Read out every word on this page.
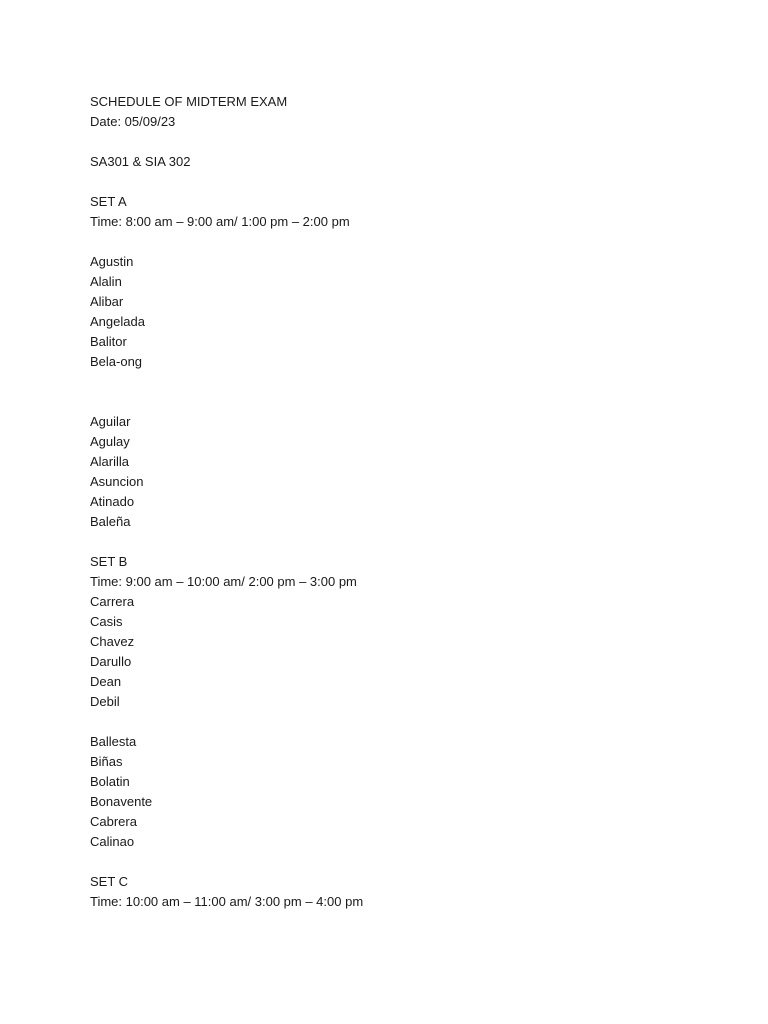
SCHEDULE OF MIDTERM EXAM
Date: 05/09/23
SA301 & SIA 302
SET A
Time: 8:00 am – 9:00 am/ 1:00 pm – 2:00 pm
Agustin
Alalin
Alibar
Angelada
Balitor
Bela-ong
Aguilar
Agulay
Alarilla
Asuncion
Atinado
Baleña
SET B
Time: 9:00 am – 10:00 am/ 2:00 pm – 3:00 pm
Carrera
Casis
Chavez
Darullo
Dean
Debil
Ballesta
Biñas
Bolatin
Bonavente
Cabrera
Calinao
SET C
Time: 10:00 am – 11:00 am/ 3:00 pm – 4:00 pm
